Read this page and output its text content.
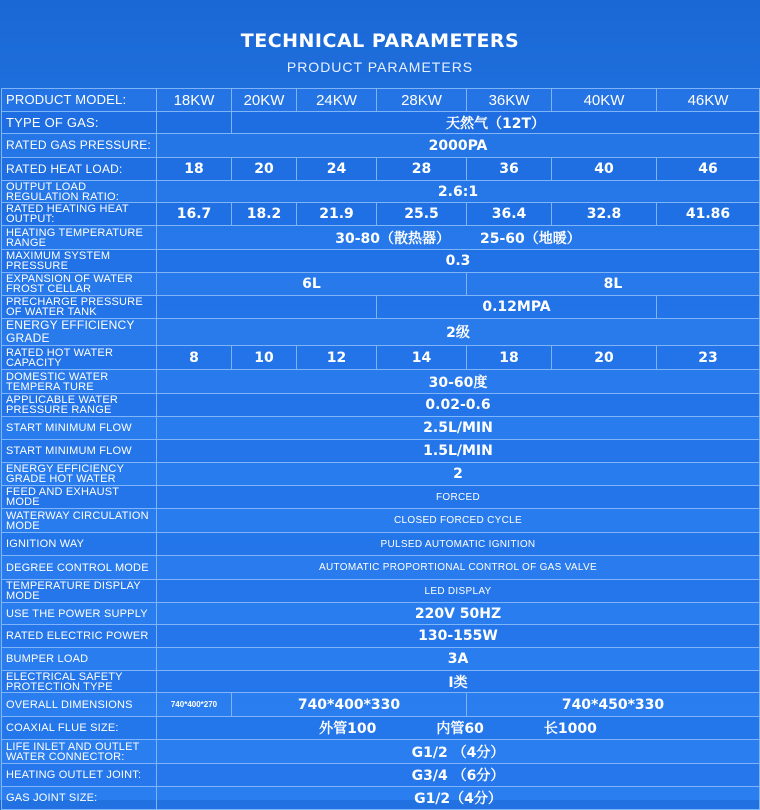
TECHNICAL PARAMETERS
PRODUCT PARAMETERS
PRODUCT MODEL:	18KW	20KW	24KW	28KW	36KW	40KW	46KW
TYPE OF GAS:		天然气（12T）					
RATED GAS PRESSURE:	2000PA						
RATED HEAT LOAD:	18	20	24	28	36	40	46
OUTPUT LOAD REGULATION RATIO:	2.6:1						
RATED HEATING HEAT OUTPUT:	16.7	18.2	21.9	25.5	36.4	32.8	41.86
HEATING TEMPERATURE RANGE	30-80（散热器） 25-60（地暖）						
MAXIMUM SYSTEM PRESSURE	0.3						
EXPANSION OF WATER FROST CELLAR	6L				8L		
PRECHARGE PRESSURE OF WATER TANK				0.12MPA			
ENERGY EFFICIENCY GRADE	2级						
RATED HOT WATER CAPACITY	8	10	12	14	18	20	23
DOMESTIC WATER TEMPERA TURE	30-60度						
APPLICABLE WATER PRESSURE RANGE	0.02-0.6						
START MINIMUM FLOW	2.5L/MIN						
START MINIMUM FLOW	1.5L/MIN						
ENERGY EFFICIENCY GRADE HOT WATER	2						
FEED AND EXHAUST MODE	FORCED						
WATERWAY CIRCULATION MODE	CLOSED FORCED CYCLE						
IGNITION WAY	PULSED AUTOMATIC IGNITION						
DEGREE CONTROL MODE	AUTOMATIC PROPORTIONAL CONTROL OF GAS VALVE						
TEMPERATURE DISPLAY MODE	LED DISPLAY						
USE THE POWER SUPPLY	220V 50HZ						
RATED ELECTRIC POWER	130-155W						
BUMPER LOAD	3A						
ELECTRICAL SAFETY PROTECTION TYPE	I类						
OVERALL DIMENSIONS	740*400*270	740*400*330			740*450*330		
COAXIAL FLUE SIZE:	外管100 内管60 长1000						
LIFE INLET AND OUTLET WATER CONNECTOR:	G1/2 （4分）						
HEATING OUTLET JOINT:	G3/4 （6分）						
GAS JOINT SIZE:	G1/2（4分）						
